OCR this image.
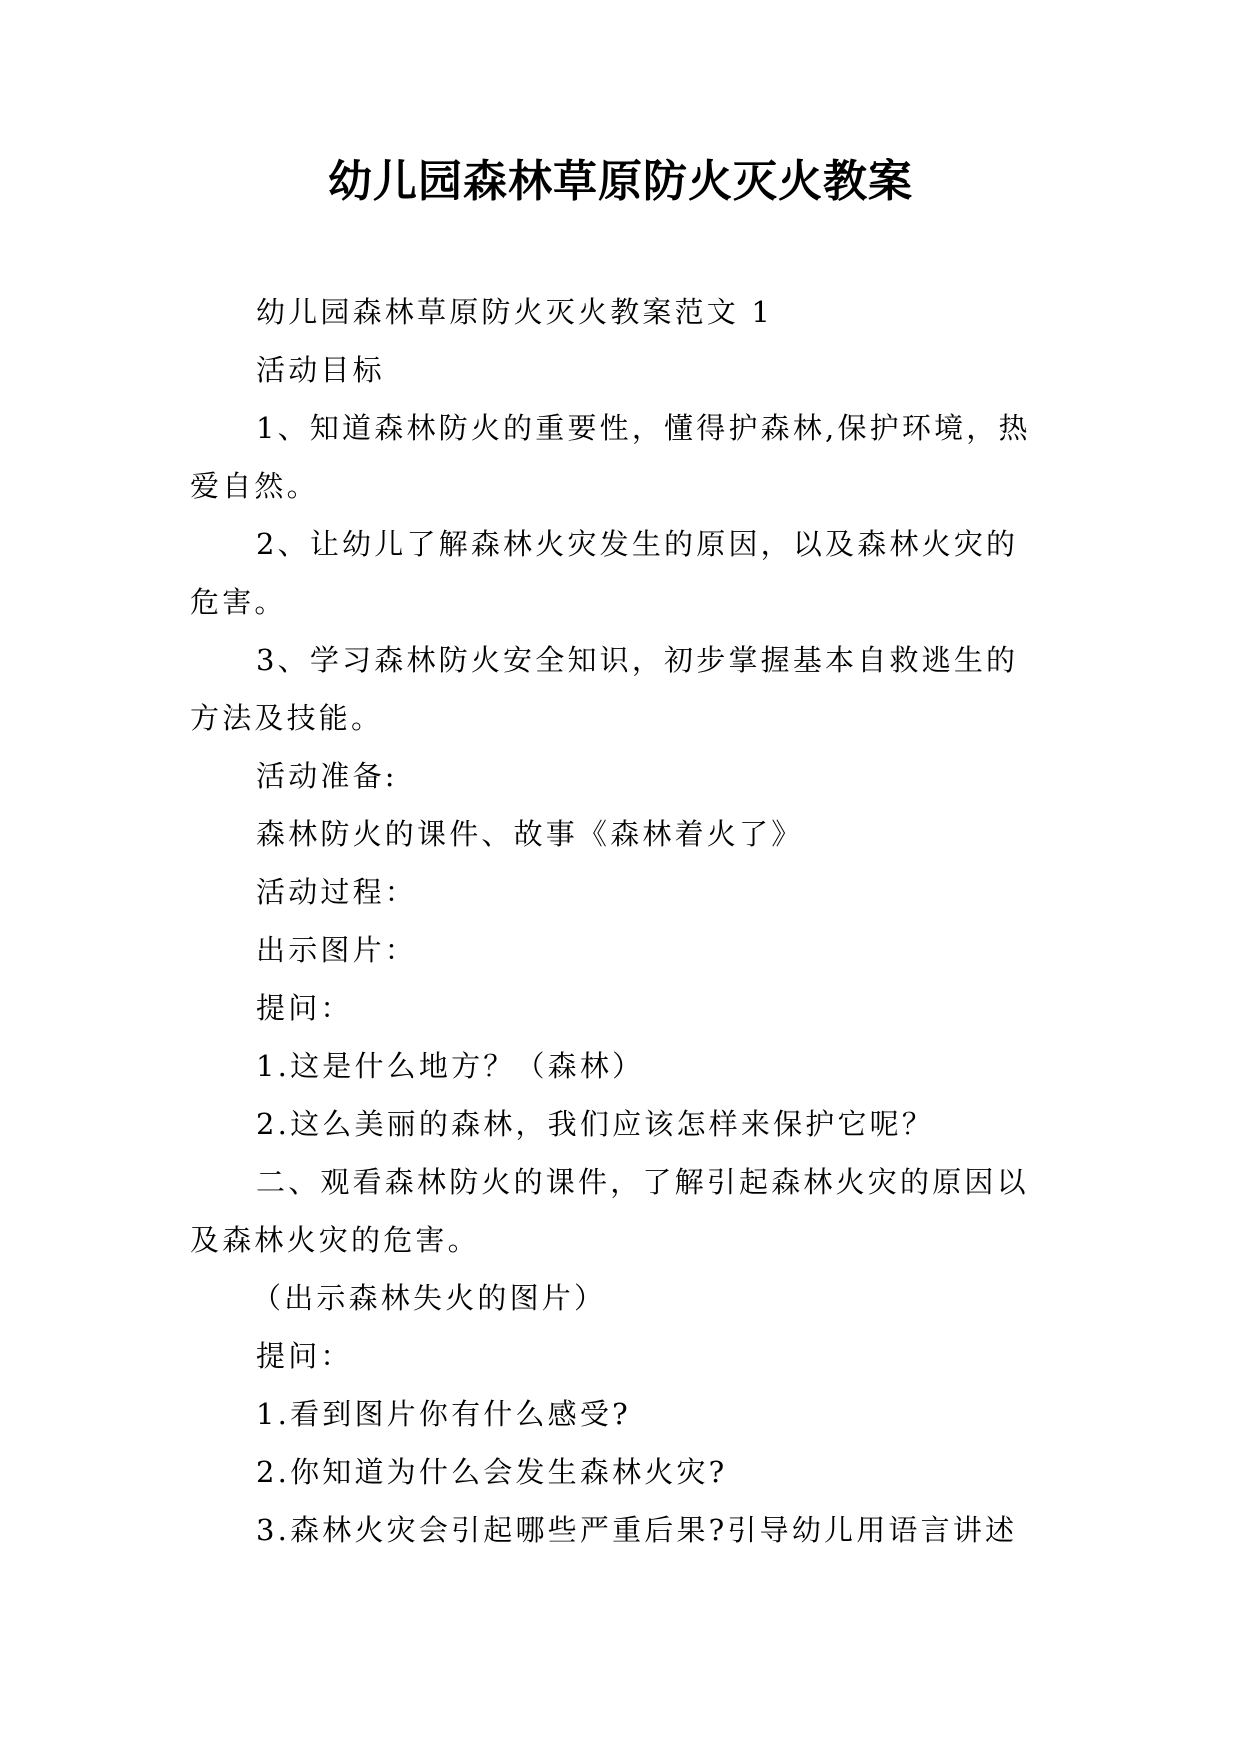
幼儿园森林草原防火灭火教案

幼儿园森林草原防火灭火教案范文 1

活动目标

1、知道森林防火的重要性，懂得护森林,保护环境，热爱自然。

2、让幼儿了解森林火灾发生的原因，以及森林火灾的危害。

3、学习森林防火安全知识，初步掌握基本自救逃生的方法及技能。

活动准备:

森林防火的课件、故事《森林着火了》

活动过程：

出示图片：

提问：

1.这是什么地方？（森林）

2.这么美丽的森林，我们应该怎样来保护它呢？

二、观看森林防火的课件，了解引起森林火灾的原因以及森林火灾的危害。

（出示森林失火的图片）

提问：

1.看到图片你有什么感受?

2.你知道为什么会发生森林火灾?

3.森林火灾会引起哪些严重后果?引导幼儿用语言讲述
